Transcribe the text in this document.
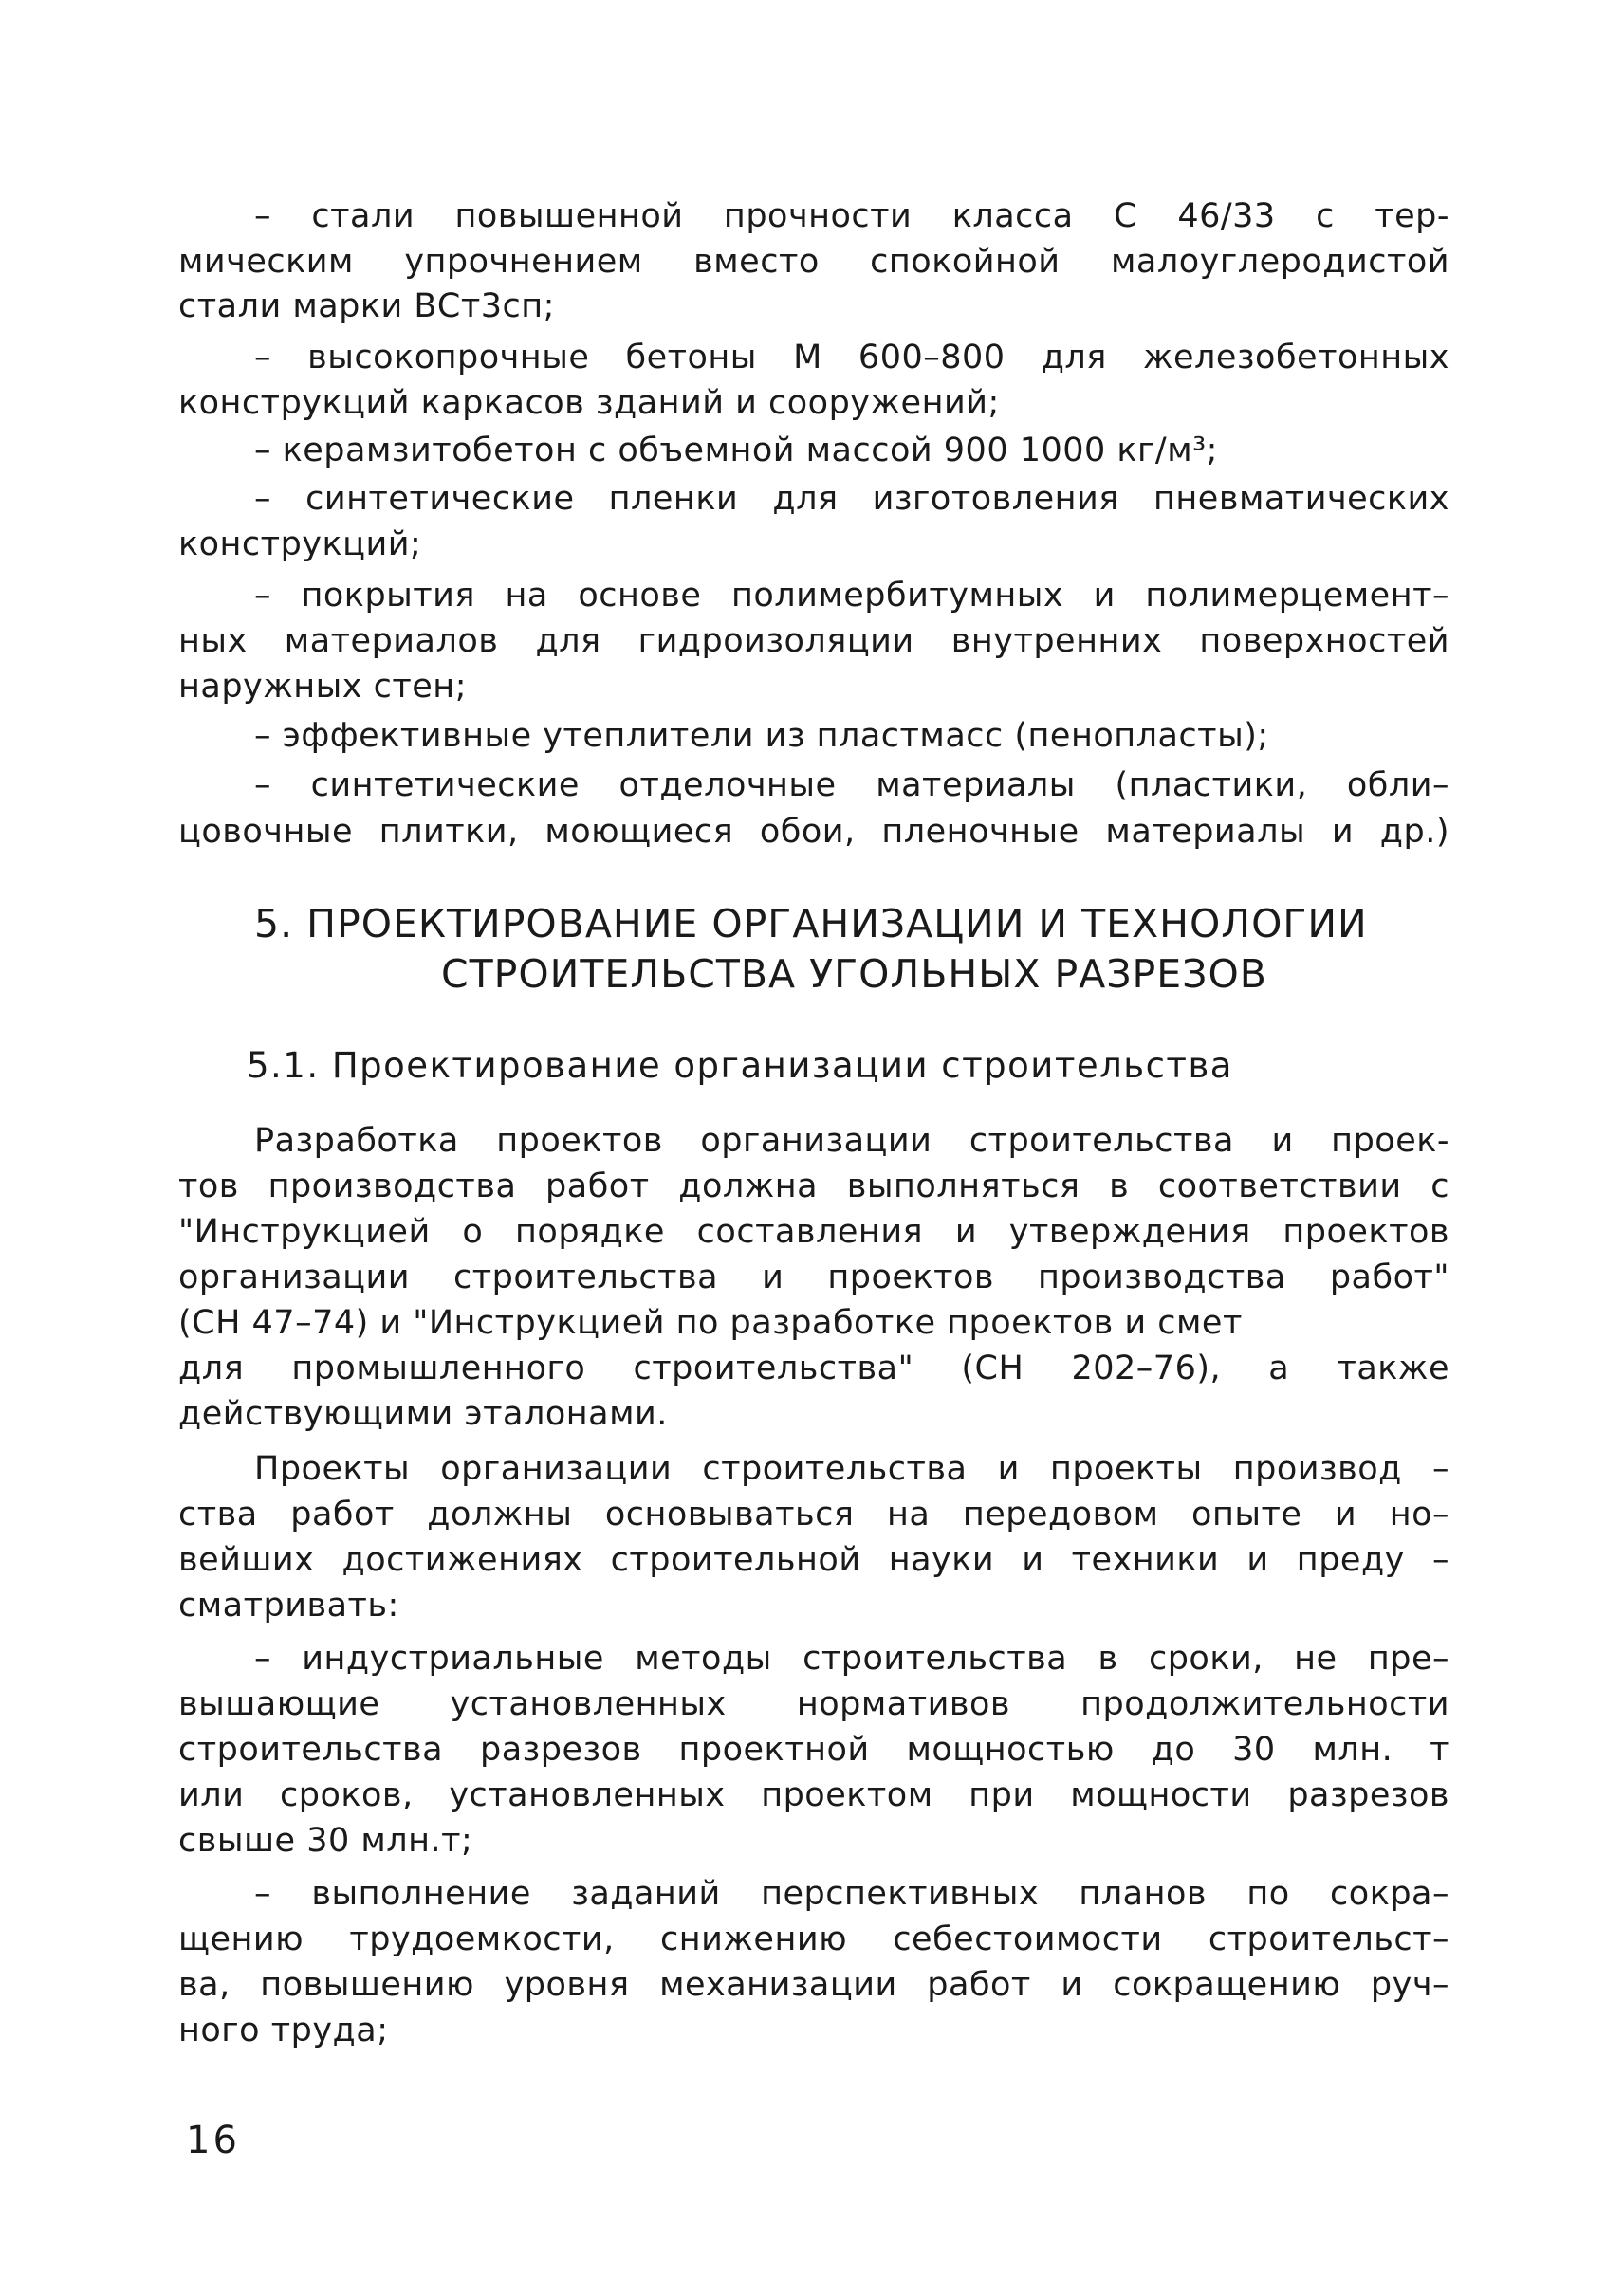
– стали повышенной прочности класса С 46/33 с тер-
мическим упрочнением вместо спокойной малоуглеродистой
стали марки ВСт3сп;
– высокопрочные бетоны М 600–800 для железобетонных
конструкций каркасов зданий и сооружений;
– керамзитобетон с объемной массой 900 1000 кг/м³;
– синтетические пленки для изготовления пневматических
конструкций;
– покрытия на основе полимербитумных и полимерцемент–
ных материалов для гидроизоляции внутренних поверхностей
наружных стен;
– эффективные утеплители из пластмасс (пенопласты);
– синтетические отделочные материалы (пластики, обли–
цовочные плитки, моющиеся обои, пленочные материалы и др.)
5. ПРОЕКТИРОВАНИЕ ОРГАНИЗАЦИИ И ТЕХНОЛОГИИ
СТРОИТЕЛЬСТВА УГОЛЬНЫХ РАЗРЕЗОВ
5.1. Проектирование организации строительства
Разработка проектов организации строительства и проек-
тов производства работ должна выполняться в соответствии с
"Инструкцией о порядке составления и утверждения проектов
организации строительства и проектов производства работ"
(СН 47–74) и "Инструкцией по разработке проектов и смет
для промышленного строительства" (СН 202–76), а также
действующими эталонами.
Проекты организации строительства и проекты производ –
ства работ должны основываться на передовом опыте и но–
вейших достижениях строительной науки и техники и преду –
сматривать:
– индустриальные методы строительства в сроки, не пре–
вышающие установленных нормативов продолжительности
строительства разрезов проектной мощностью до 30 млн. т
или сроков, установленных проектом при мощности разрезов
свыше 30 млн.т;
– выполнение заданий перспективных планов по сокра–
щению трудоемкости, снижению себестоимости строительст–
ва, повышению уровня механизации работ и сокращению руч–
ного труда;
16
